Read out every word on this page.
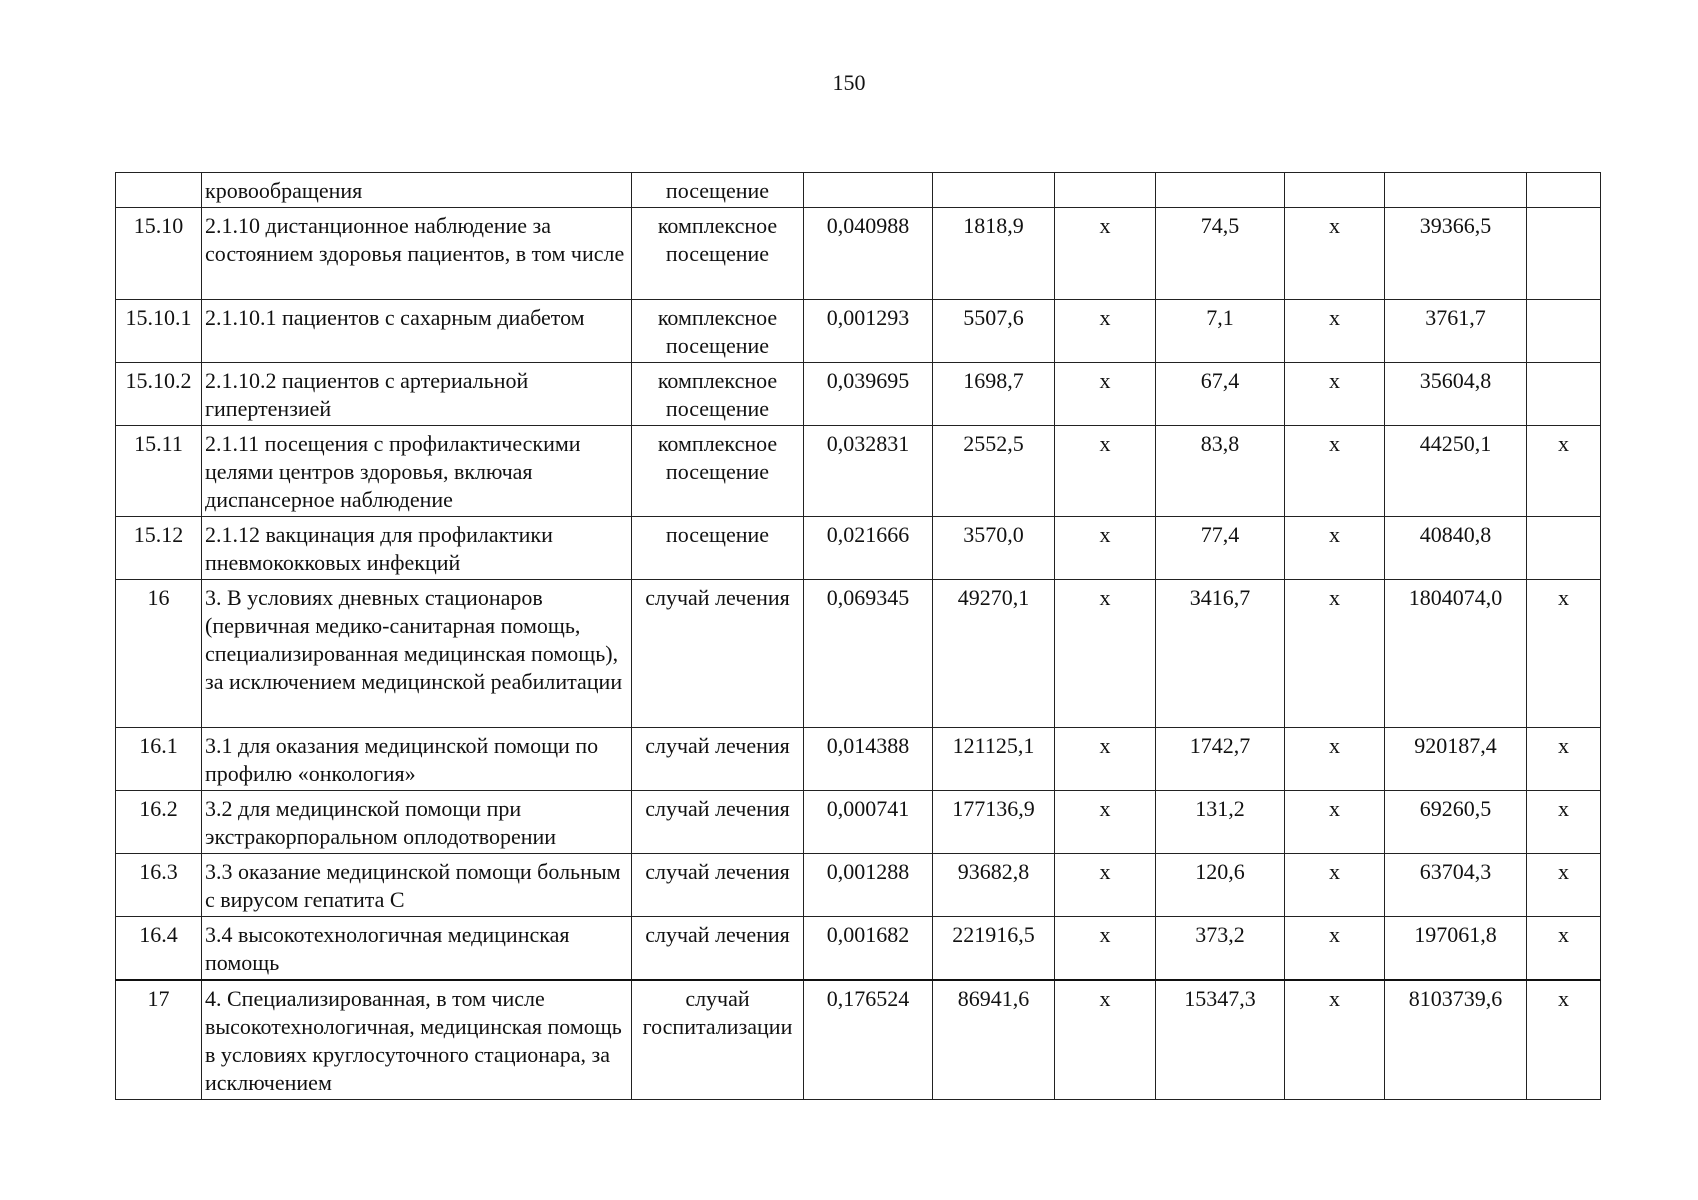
150
	кровообращения	посещение							
15.10	2.1.10 дистанционное наблюдение за состоянием здоровья пациентов, в том числе	комплексное посещение	0,040988	1818,9	х	74,5	х	39366,5	
15.10.1	2.1.10.1 пациентов с сахарным диабетом	комплексное посещение	0,001293	5507,6	х	7,1	х	3761,7	
15.10.2	2.1.10.2 пациентов с артериальной гипертензией	комплексное посещение	0,039695	1698,7	х	67,4	х	35604,8	
15.11	2.1.11 посещения с профилактическими целями центров здоровья, включая диспансерное наблюдение	комплексное посещение	0,032831	2552,5	х	83,8	х	44250,1	х
15.12	2.1.12 вакцинация для профилактики пневмококковых инфекций	посещение	0,021666	3570,0	х	77,4	х	40840,8	
16	3. В условиях дневных стационаров (первичная медико-санитарная помощь, специализированная медицинская помощь), за исключением медицинской реабилитации	случай лечения	0,069345	49270,1	х	3416,7	х	1804074,0	х
16.1	3.1 для оказания медицинской помощи по профилю «онкология»	случай лечения	0,014388	121125,1	х	1742,7	х	920187,4	х
16.2	3.2 для медицинской помощи при экстракорпоральном оплодотворении	случай лечения	0,000741	177136,9	х	131,2	х	69260,5	х
16.3	3.3 оказание медицинской помощи больным с вирусом гепатита С	случай лечения	0,001288	93682,8	х	120,6	х	63704,3	х
16.4	3.4 высокотехнологичная медицинская помощь	случай лечения	0,001682	221916,5	х	373,2	х	197061,8	х
17	4. Специализированная, в том числе высокотехнологичная, медицинская помощь в условиях круглосуточного стационара, за исключением	случай госпитализации	0,176524	86941,6	х	15347,3	х	8103739,6	х
